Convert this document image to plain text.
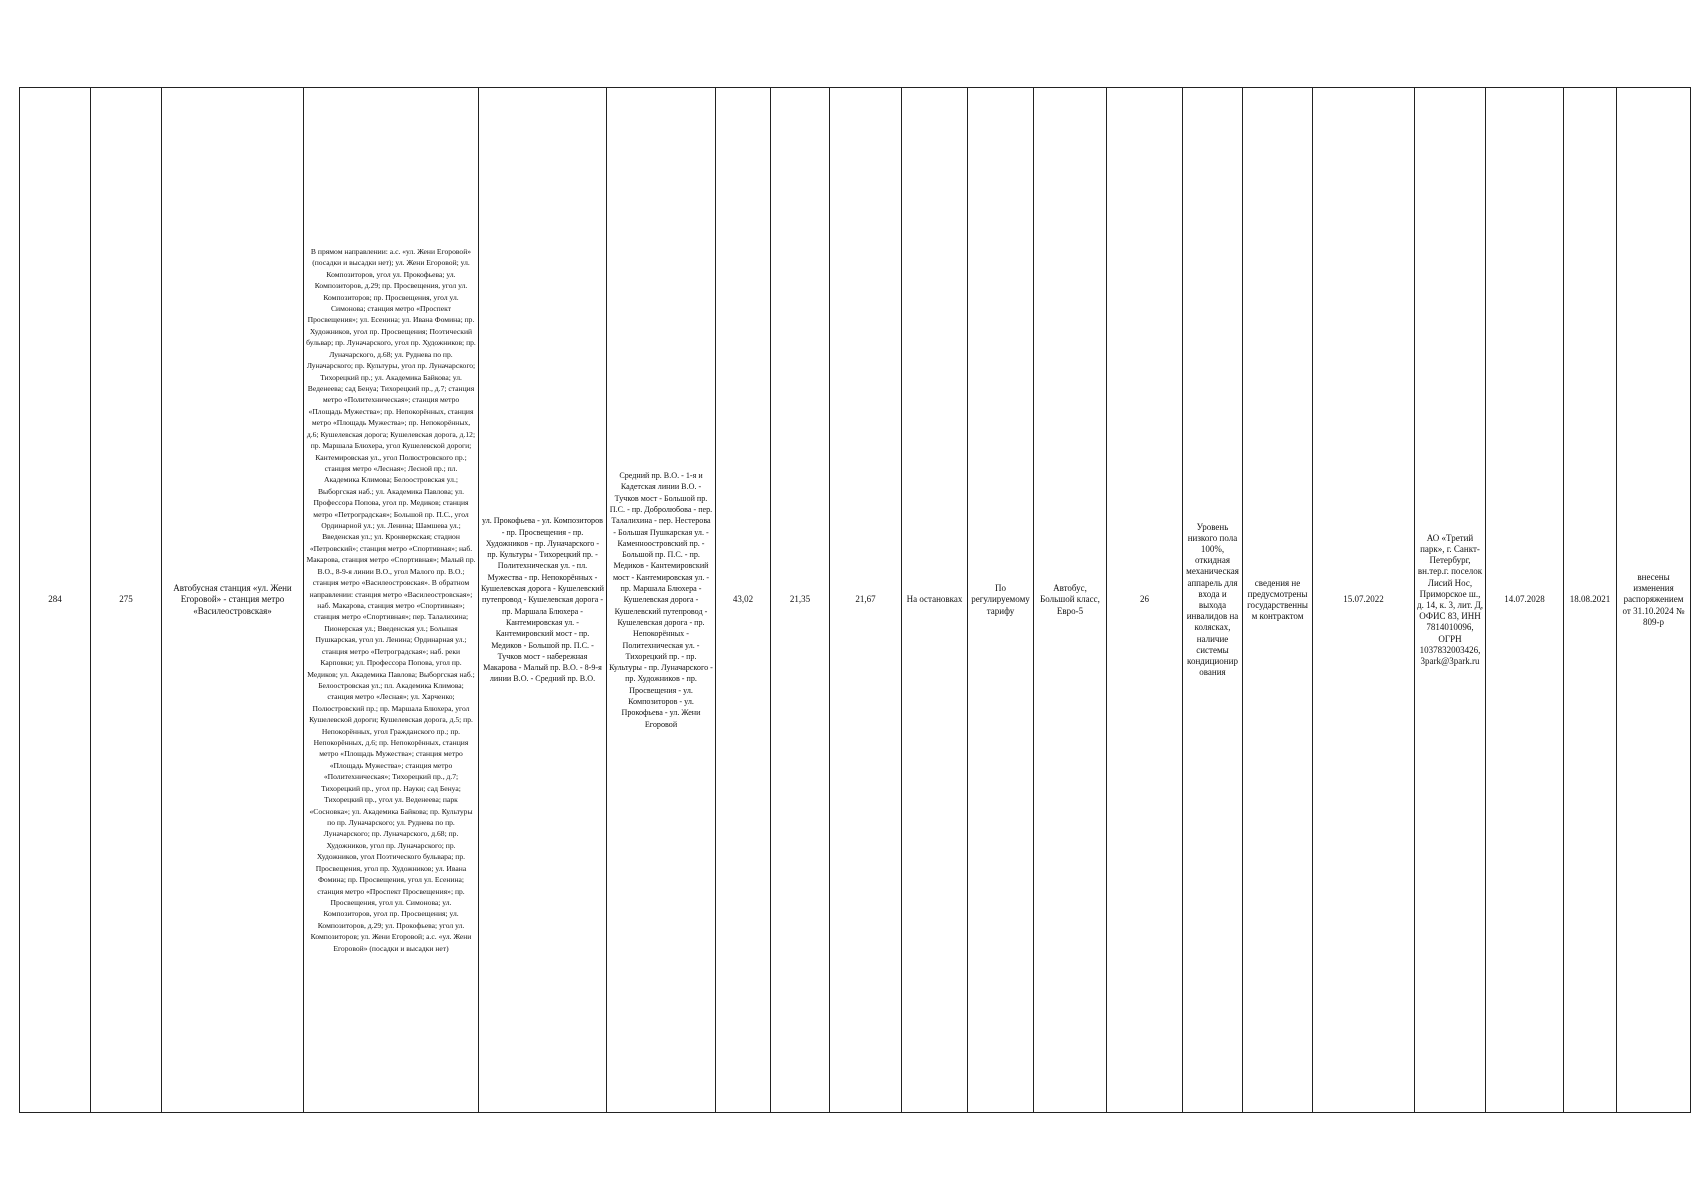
284	275	Автобусная станция «ул. Жени Егоровой» - станция метро «Василеостровская»	В прямом направлении: а.с. «ул. Жени Егоровой» (посадки и высадки нет); ул. Жени Егоровой; ул. Композиторов, угол ул. Прокофьева; ул. Композиторов, д.29; пр. Просвещения, угол ул. Композиторов; пр. Просвещения, угол ул. Симонова; станция метро «Проспект Просвещения»; ул. Есенина; ул. Ивана Фомина; пр. Художников, угол пр. Просвещения; Поэтический бульвар; пр. Луначарского, угол пр. Художников; пр. Луначарского, д.68; ул. Руднева по пр. Луначарского; пр. Культуры, угол пр. Луначарского; Тихорецкий пр.; ул. Академика Байкова; ул. Веденеева; сад Бенуа; Тихорецкий пр., д.7; станция метро «Политехническая»; станция метро «Площадь Мужества»; пр. Непокорённых, станция метро «Площадь Мужества»; пр. Непокорённых, д.6; Кушелевская дорога; Кушелевская дорога, д.12; пр. Маршала Блюхера, угол Кушелевской дороги; Кантемировская ул., угол Полюстровского пр.; станция метро «Лесная»; Лесной пр.; пл. Академика Климова; Белоостровская ул.; Выборгская наб.; ул. Академика Павлова; ул. Профессора Попова, угол пр. Медиков; станция метро «Петроградская»; Большой пр. П.С., угол Ординарной ул.; ул. Ленина; Шамшева ул.; Введенская ул.; ул. Кронверкская; стадион «Петровский»; станция метро «Спортивная»; наб. Макарова, станция метро «Спортивная»; Малый пр. В.О., 8-9-я линии В.О., угол Малого пр. В.О.; станция метро «Василеостровская». В обратном направлении: станция метро «Василеостровская»; наб. Макарова, станция метро «Спортивная»; станция метро «Спортивная»; пер. Талалихина; Пионерская ул.; Введенская ул.; Большая Пушкарская, угол ул. Ленина; Ординарная ул.; станция метро «Петроградская»; наб. реки Карповки; ул. Профессора Попова, угол пр. Медиков; ул. Академика Павлова; Выборгская наб.; Белоостровская ул.; пл. Академика Климова; станция метро «Лесная»; ул. Харченко; Полюстровский пр.; пр. Маршала Блюхера, угол Кушелевской дороги; Кушелевская дорога, д.5; пр. Непокорённых, угол Гражданского пр.; пр. Непокорённых, д.6; пр. Непокорённых, станция метро «Площадь Мужества»; станция метро «Площадь Мужества»; станция метро «Политехническая»; Тихорецкий пр., д.7; Тихорецкий пр., угол пр. Науки; сад Бенуа; Тихорецкий пр., угол ул. Веденеева; парк «Сосновка»; ул. Академика Байкова; пр. Культуры по пр. Луначарского; ул. Руднева по пр. Луначарского; пр. Луначарского, д.68; пр. Художников, угол пр. Луначарского; пр. Художников, угол Поэтического бульвара; пр. Просвещения, угол пр. Художников; ул. Ивана Фомина; пр. Просвещения, угол ул. Есенина; станция метро «Проспект Просвещения»; пр. Просвещения, угол ул. Симонова; ул. Композиторов, угол пр. Просвещения; ул. Композиторов, д.29; ул. Прокофьева; угол ул. Композиторов; ул. Жени Егоровой; а.с. «ул. Жени Егоровой» (посадки и высадки нет)	ул. Прокофьева - ул. Композиторов - пр. Просвещения - пр. Художников - пр. Луначарского - пр. Культуры - Тихорецкий пр. - Политехническая ул. - пл. Мужества - пр. Непокорённых - Кушелевская дорога - Кушелевский путепровод - Кушелевская дорога - пр. Маршала Блюхера - Кантемировская ул. - Кантемировский мост - пр. Медиков - Большой пр. П.С. - Тучков мост - набережная Макарова - Малый пр. В.О. - 8-9-я линии В.О. - Средний пр. В.О.	Средний пр. В.О. - 1-я и Кадетская линии В.О. - Тучков мост - Большой пр. П.С. - пр. Добролюбова - пер. Талалихина - пер. Нестерова - Большая Пушкарская ул. - Каменноостровский пр. - Большой пр. П.С. - пр. Медиков - Кантемировский мост - Кантемировская ул. - пр. Маршала Блюхера - Кушелевская дорога - Кушелевский путепровод - Кушелевская дорога - пр. Непокорённых - Политехническая ул. - Тихорецкий пр. - пр. Культуры - пр. Луначарского - пр. Художников - пр. Просвещения - ул. Композиторов - ул. Прокофьева - ул. Жени Егоровой	43,02	21,35	21,67	На остановках	По регулируемому тарифу	Автобус, Большой класс, Евро-5	26	Уровень низкого пола 100%, откидная механическая аппарель для входа и выхода инвалидов на колясках, наличие системы кондиционирования	сведения не предусмотрены государственным контрактом	15.07.2022	АО «Третий парк», г. Санкт-Петербург, вн.тер.г. поселок Лисий Нос, Приморское ш., д. 14, к. 3, лит. Д, ОФИС 83, ИНН 7814010096, ОГРН 1037832003426, 3park@3park.ru	14.07.2028	18.08.2021	внесены изменения распоряжением от 31.10.2024 № 809-р
